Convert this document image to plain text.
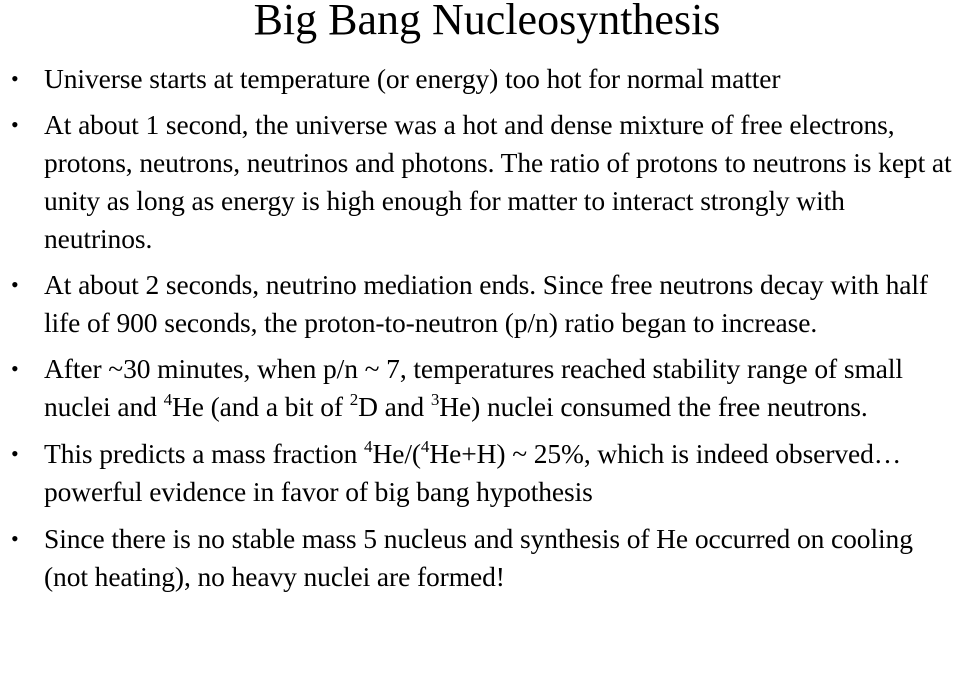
Big Bang Nucleosynthesis
• Universe starts at temperature (or energy) too hot for normal matter
• At about 1 second, the universe was a hot and dense mixture of free electrons, protons, neutrons, neutrinos and photons. The ratio of protons to neutrons is kept at unity as long as energy is high enough for matter to interact strongly with neutrinos.
• At about 2 seconds, neutrino mediation ends. Since free neutrons decay with half life of 900 seconds, the proton-to-neutron (p/n) ratio began to increase.
• After ~30 minutes, when p/n ~ 7, temperatures reached stability range of small nuclei and $^4$He (and a bit of $^2$D and $^3$He) nuclei consumed the free neutrons.
• This predicts a mass fraction $^4$He/($^4$He+H) ~ 25%, which is indeed observed…powerful evidence in favor of big bang hypothesis
• Since there is no stable mass 5 nucleus and synthesis of He occurred on cooling (not heating), no heavy nuclei are formed!
